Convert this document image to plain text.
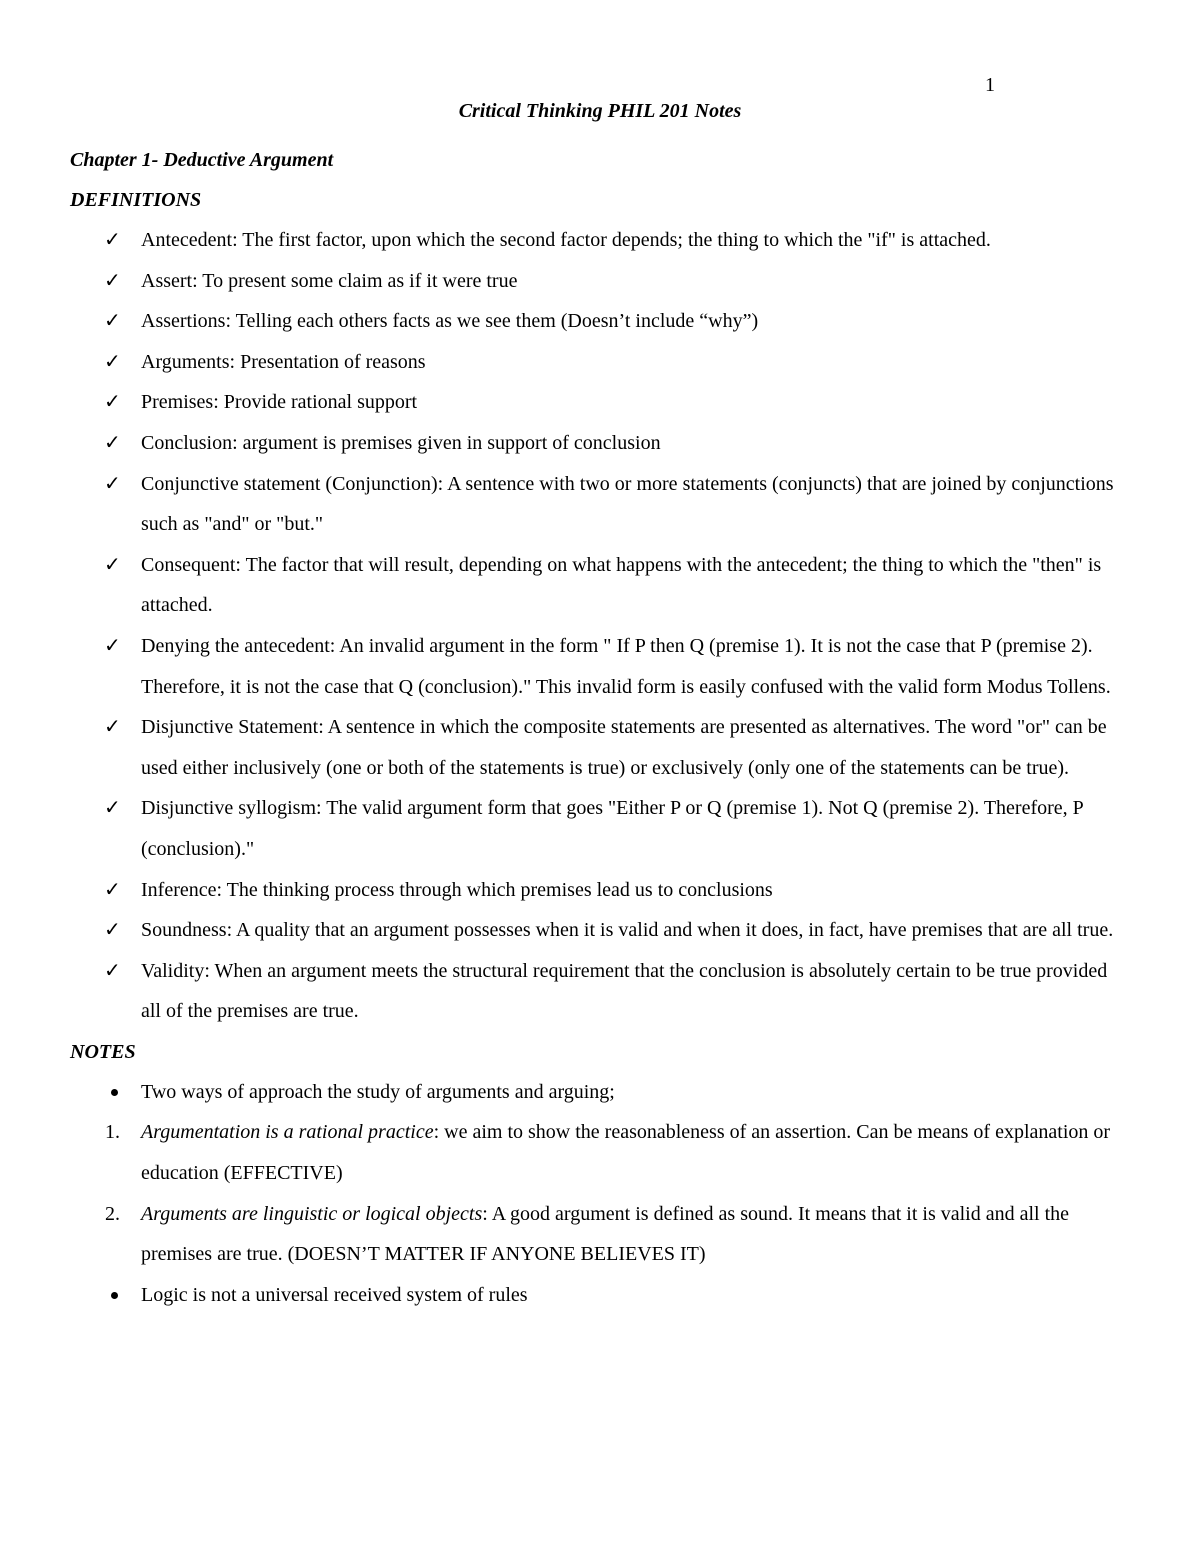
1
Critical Thinking PHIL 201 Notes
Chapter 1- Deductive Argument
DEFINITIONS
✓ Antecedent: The first factor, upon which the second factor depends; the thing to which the "if" is attached.
✓ Assert: To present some claim as if it were true
✓ Assertions: Telling each others facts as we see them (Doesn’t include “why”)
✓ Arguments: Presentation of reasons
✓ Premises: Provide rational support
✓ Conclusion: argument is premises given in support of conclusion
✓ Conjunctive statement (Conjunction): A sentence with two or more statements (conjuncts) that are joined by conjunctions such as "and" or "but."
✓ Consequent: The factor that will result, depending on what happens with the antecedent; the thing to which the "then" is attached.
✓ Denying the antecedent: An invalid argument in the form " If P then Q (premise 1). It is not the case that P (premise 2). Therefore, it is not the case that Q (conclusion)." This invalid form is easily confused with the valid form Modus Tollens.
✓ Disjunctive Statement: A sentence in which the composite statements are presented as alternatives. The word "or" can be used either inclusively (one or both of the statements is true) or exclusively (only one of the statements can be true).
✓ Disjunctive syllogism: The valid argument form that goes "Either P or Q (premise 1). Not Q (premise 2). Therefore, P (conclusion)."
✓ Inference: The thinking process through which premises lead us to conclusions
✓ Soundness: A quality that an argument possesses when it is valid and when it does, in fact, have premises that are all true.
✓ Validity: When an argument meets the structural requirement that the conclusion is absolutely certain to be true provided all of the premises are true.
NOTES
Two ways of approach the study of arguments and arguing;
1. Argumentation is a rational practice: we aim to show the reasonableness of an assertion. Can be means of explanation or education (EFFECTIVE)
2. Arguments are linguistic or logical objects: A good argument is defined as sound. It means that it is valid and all the premises are true. (DOESN’T MATTER IF ANYONE BELIEVES IT)
Logic is not a universal received system of rules
